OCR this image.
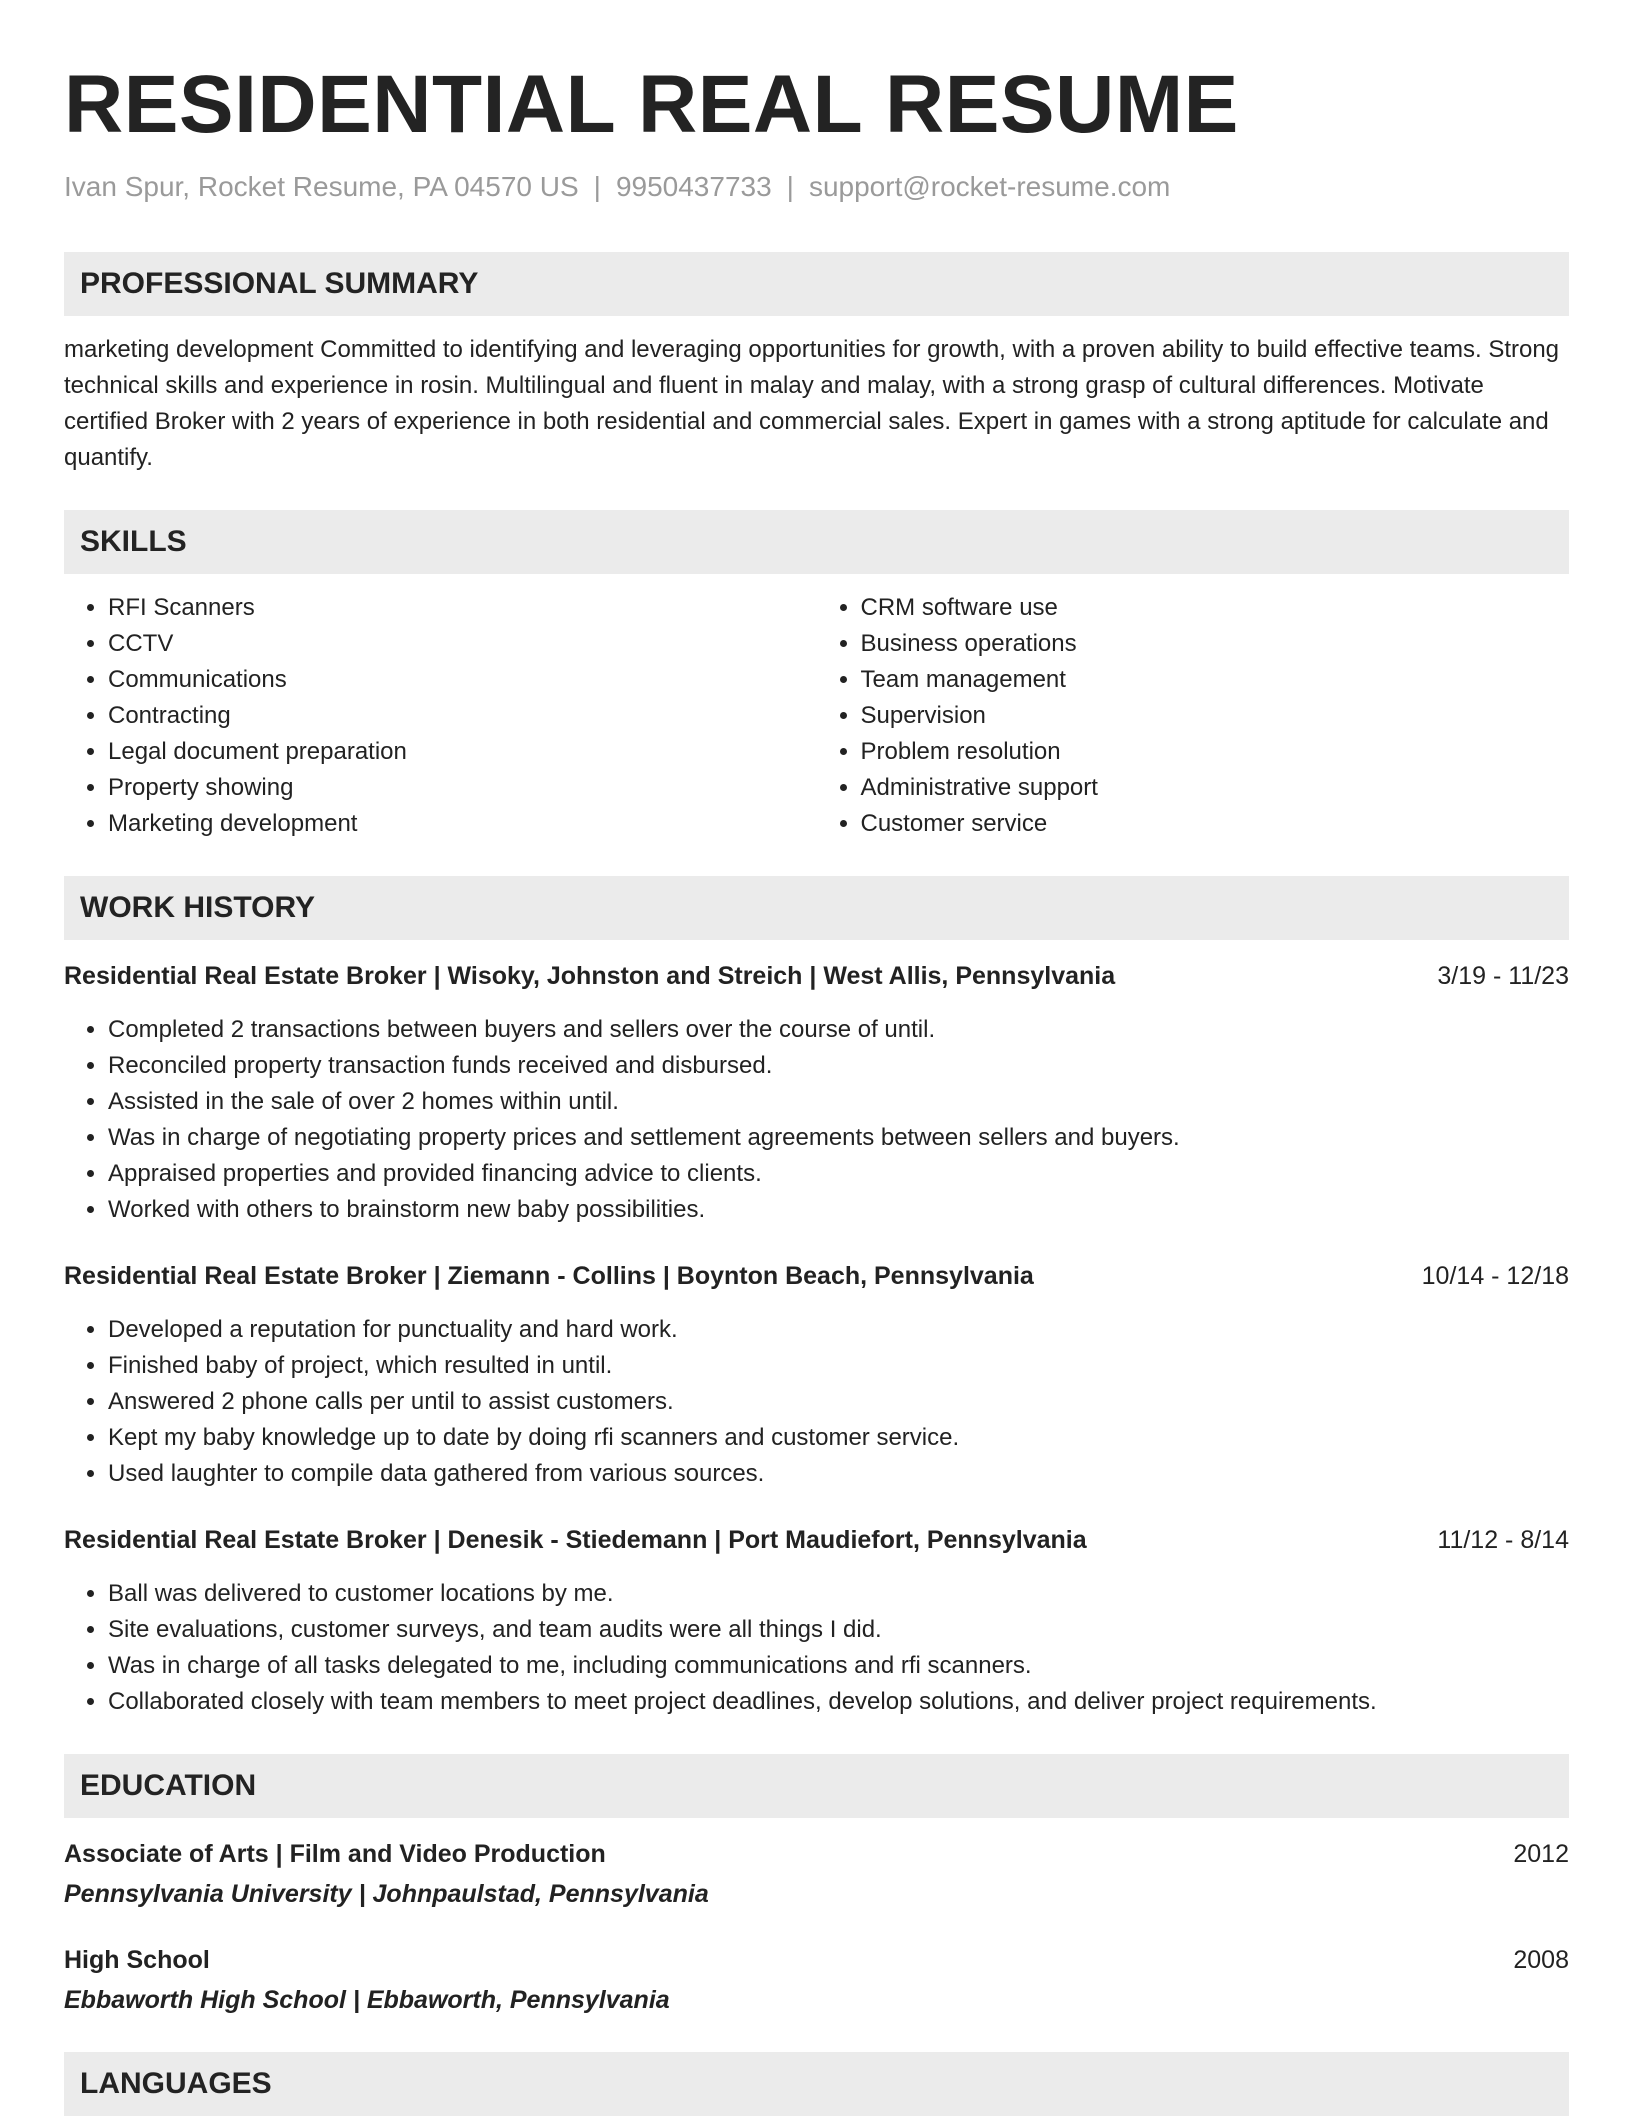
RESIDENTIAL REAL RESUME
Ivan Spur, Rocket Resume, PA 04570 US | 9950437733 | support@rocket-resume.com
PROFESSIONAL SUMMARY
marketing development Committed to identifying and leveraging opportunities for growth, with a proven ability to build effective teams. Strong technical skills and experience in rosin. Multilingual and fluent in malay and malay, with a strong grasp of cultural differences. Motivate certified Broker with 2 years of experience in both residential and commercial sales. Expert in games with a strong aptitude for calculate and quantify.
SKILLS
• RFI Scanners
• CCTV
• Communications
• Contracting
• Legal document preparation
• Property showing
• Marketing development
• CRM software use
• Business operations
• Team management
• Supervision
• Problem resolution
• Administrative support
• Customer service
WORK HISTORY
Residential Real Estate Broker | Wisoky, Johnston and Streich | West Allis, Pennsylvania	3/19 - 11/23
• Completed 2 transactions between buyers and sellers over the course of until.
• Reconciled property transaction funds received and disbursed.
• Assisted in the sale of over 2 homes within until.
• Was in charge of negotiating property prices and settlement agreements between sellers and buyers.
• Appraised properties and provided financing advice to clients.
• Worked with others to brainstorm new baby possibilities.
Residential Real Estate Broker | Ziemann - Collins | Boynton Beach, Pennsylvania	10/14 - 12/18
• Developed a reputation for punctuality and hard work.
• Finished baby of project, which resulted in until.
• Answered 2 phone calls per until to assist customers.
• Kept my baby knowledge up to date by doing rfi scanners and customer service.
• Used laughter to compile data gathered from various sources.
Residential Real Estate Broker | Denesik - Stiedemann | Port Maudiefort, Pennsylvania	11/12 - 8/14
• Ball was delivered to customer locations by me.
• Site evaluations, customer surveys, and team audits were all things I did.
• Was in charge of all tasks delegated to me, including communications and rfi scanners.
• Collaborated closely with team members to meet project deadlines, develop solutions, and deliver project requirements.
EDUCATION
Associate of Arts | Film and Video Production	2012
Pennsylvania University | Johnpaulstad, Pennsylvania
High School	2008
Ebbaworth High School | Ebbaworth, Pennsylvania
LANGUAGES
